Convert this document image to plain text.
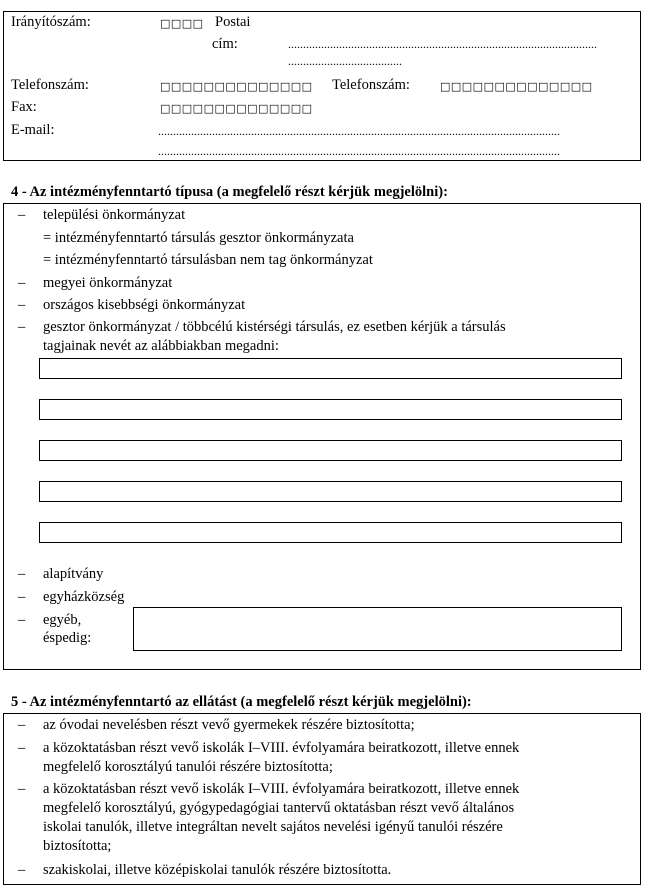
Irányítószám:	□□□□ Postai
cím:	.......................................................................................................
......................................
Telefonszám:	□□□□□□□□□□□□□□ Telefonszám:	□□□□□□□□□□□□□□
Fax:	□□□□□□□□□□□□□□
E-mail:	......................................................................................................................................
......................................................................................................................................
4 - Az intézményfenntartó típusa (a megfelelő részt kérjük megjelölni):
– települési önkormányzat
= intézményfenntartó társulás gesztor önkormányzata
= intézményfenntartó társulásban nem tag önkormányzat
– megyei önkormányzat
– országos kisebbségi önkormányzat
– gesztor önkormányzat / többcélú kistérségi társulás, ez esetben kérjük a társulás
tagjainak nevét az alábbiakban megadni:
– alapítvány
– egyházközség
– egyéb,
éspedig:
5 - Az intézményfenntartó az ellátást (a megfelelő részt kérjük megjelölni):
– az óvodai nevelésben részt vevő gyermekek részére biztosította;
– a közoktatásban részt vevő iskolák I–VIII. évfolyamára beiratkozott, illetve ennek
megfelelő korosztályú tanulói részére biztosította;
– a közoktatásban részt vevő iskolák I–VIII. évfolyamára beiratkozott, illetve ennek
megfelelő korosztályú, gyógypedagógiai tantervű oktatásban részt vevő általános
iskolai tanulók, illetve integráltan nevelt sajátos nevelési igényű tanulói részére
biztosította;
– szakiskolai, illetve középiskolai tanulók részére biztosította.
